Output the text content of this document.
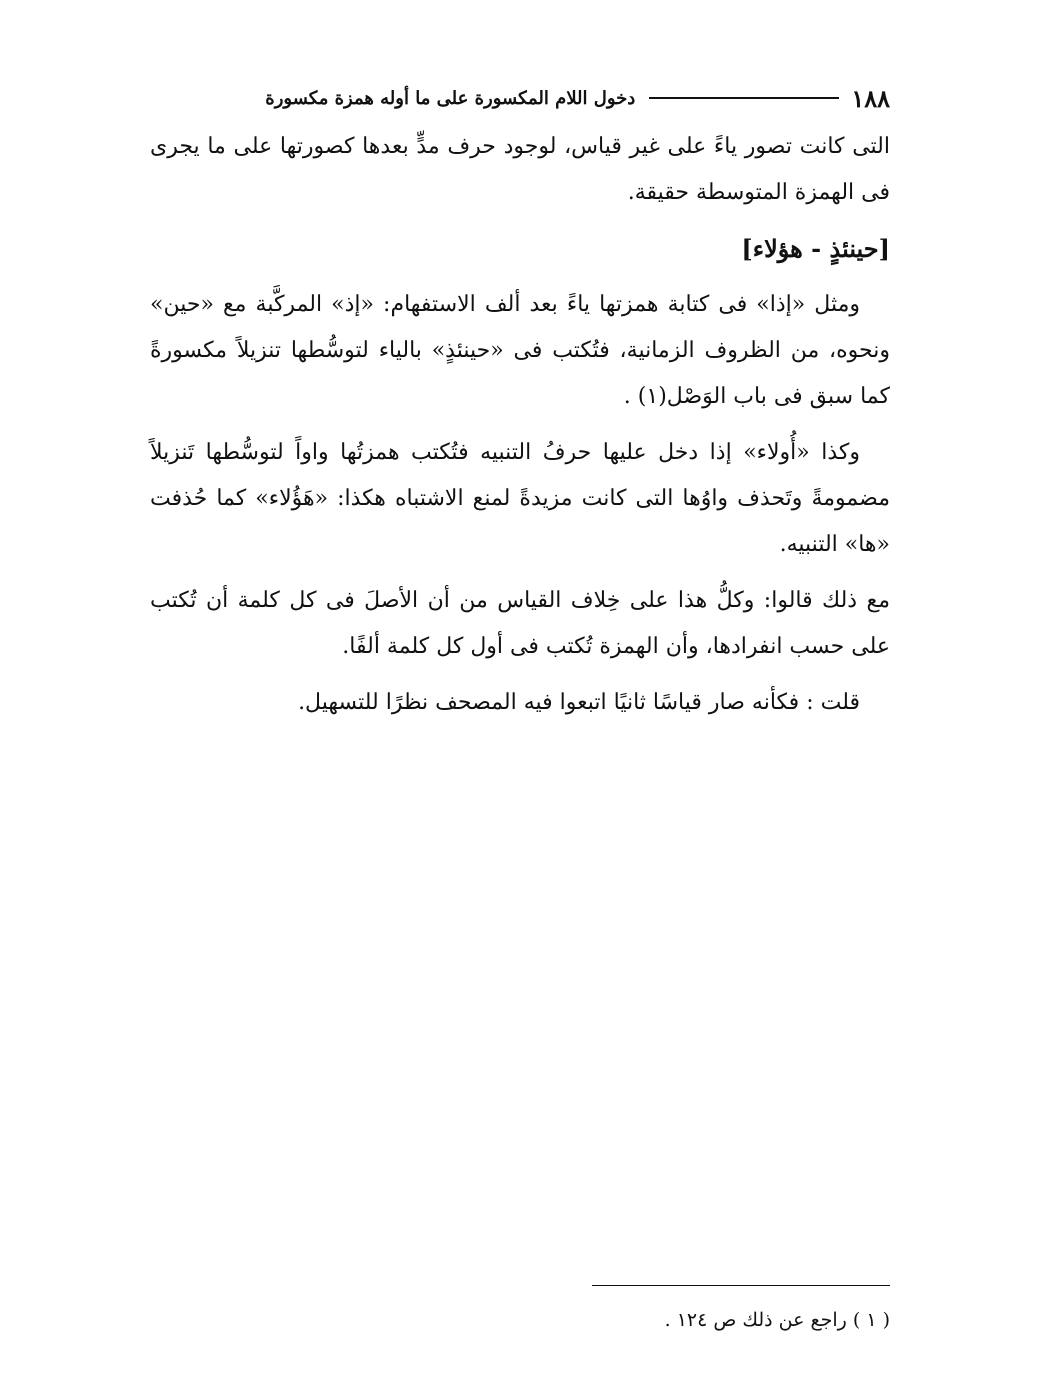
١٨٨
دخول اللام المكسورة على ما أوله همزة مكسورة

التى كانت تصور ياءً على غير قياس، لوجود حرف مدٍّ بعدها كصورتها على ما يجرى فى الهمزة المتوسطة حقيقة.

[حينئذٍ - هؤلاء]

ومثل «إذا» فى كتابة همزتها ياءً بعد ألف الاستفهام: «إذ» المركَّبة مع «حين» ونحوه، من الظروف الزمانية، فتُكتب فى «حينئذٍ» بالياء لتوسُّطها تنزيلاً مكسورةً كما سبق فى باب الوَصْل(١) .

وكذا «أُولاء» إذا دخل عليها حرفُ التنبيه فتُكتب همزتُها واواً لتوسُّطها تَنزيلاً مضمومةً وتَحذف واوُها التى كانت مزيدةً لمنع الاشتباه هكذا: «هَؤُلاء» كما حُذفت «ها» التنبيه.

مع ذلك قالوا: وكلُّ هذا على خِلاف القياس من أن الأصلَ فى كل كلمة أن تُكتب على حسب انفرادها، وأن الهمزة تُكتب فى أول كل كلمة ألفًا.

قلت : فكأنه صار قياسًا ثانيًا اتبعوا فيه المصحف نظرًا للتسهيل.

( ١ ) راجع عن ذلك ص ١٢٤ .
